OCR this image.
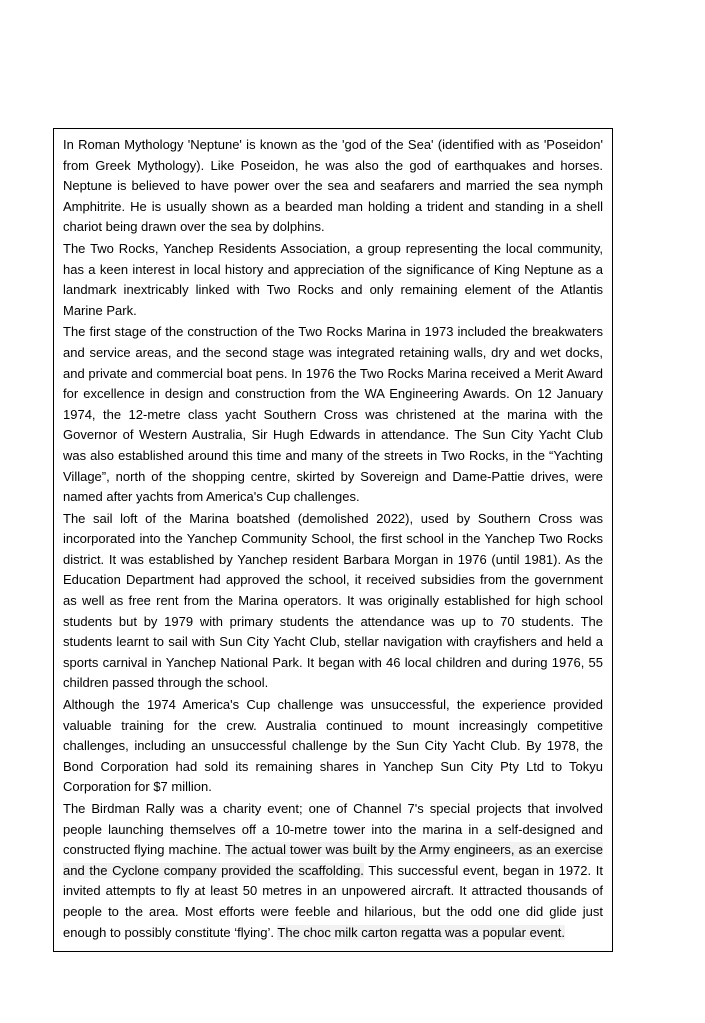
In Roman Mythology 'Neptune' is known as the 'god of the Sea' (identified with as 'Poseidon' from Greek Mythology). Like Poseidon, he was also the god of earthquakes and horses. Neptune is believed to have power over the sea and seafarers and married the sea nymph Amphitrite. He is usually shown as a bearded man holding a trident and standing in a shell chariot being drawn over the sea by dolphins.

The Two Rocks, Yanchep Residents Association, a group representing the local community, has a keen interest in local history and appreciation of the significance of King Neptune as a landmark inextricably linked with Two Rocks and only remaining element of the Atlantis Marine Park.

The first stage of the construction of the Two Rocks Marina in 1973 included the breakwaters and service areas, and the second stage was integrated retaining walls, dry and wet docks, and private and commercial boat pens. In 1976 the Two Rocks Marina received a Merit Award for excellence in design and construction from the WA Engineering Awards. On 12 January 1974, the 12-metre class yacht Southern Cross was christened at the marina with the Governor of Western Australia, Sir Hugh Edwards in attendance. The Sun City Yacht Club was also established around this time and many of the streets in Two Rocks, in the “Yachting Village”, north of the shopping centre, skirted by Sovereign and Dame-Pattie drives, were named after yachts from America's Cup challenges.

The sail loft of the Marina boatshed (demolished 2022), used by Southern Cross was incorporated into the Yanchep Community School, the first school in the Yanchep Two Rocks district. It was established by Yanchep resident Barbara Morgan in 1976 (until 1981). As the Education Department had approved the school, it received subsidies from the government as well as free rent from the Marina operators. It was originally established for high school students but by 1979 with primary students the attendance was up to 70 students. The students learnt to sail with Sun City Yacht Club, stellar navigation with crayfishers and held a sports carnival in Yanchep National Park. It began with 46 local children and during 1976, 55 children passed through the school.

Although the 1974 America's Cup challenge was unsuccessful, the experience provided valuable training for the crew. Australia continued to mount increasingly competitive challenges, including an unsuccessful challenge by the Sun City Yacht Club. By 1978, the Bond Corporation had sold its remaining shares in Yanchep Sun City Pty Ltd to Tokyu Corporation for $7 million.

The Birdman Rally was a charity event; one of Channel 7's special projects that involved people launching themselves off a 10-metre tower into the marina in a self-designed and constructed flying machine. The actual tower was built by the Army engineers, as an exercise and the Cyclone company provided the scaffolding. This successful event, began in 1972. It invited attempts to fly at least 50 metres in an unpowered aircraft. It attracted thousands of people to the area. Most efforts were feeble and hilarious, but the odd one did glide just enough to possibly constitute ‘flying’. The choc milk carton regatta was a popular event.
